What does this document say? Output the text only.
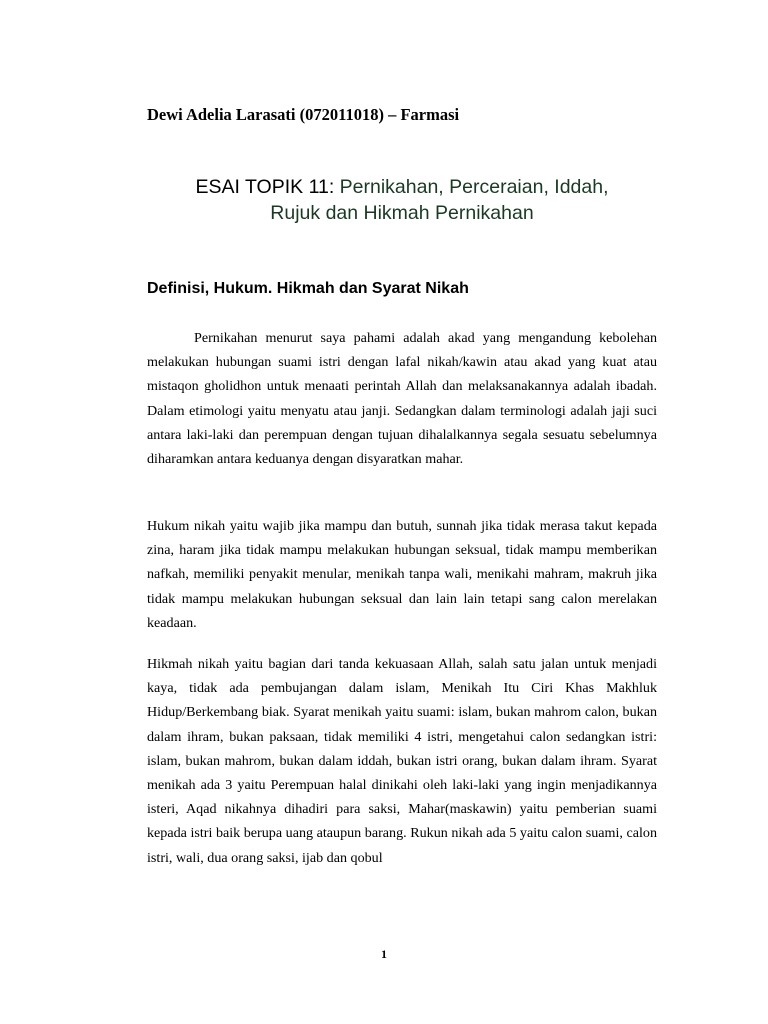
Dewi Adelia Larasati (072011018) – Farmasi
ESAI TOPIK 11: Pernikahan, Perceraian, Iddah,
Rujuk dan Hikmah Pernikahan
Definisi, Hukum. Hikmah dan Syarat Nikah

Pernikahan menurut saya pahami adalah akad yang mengandung kebolehan melakukan hubungan suami istri dengan lafal nikah/kawin atau akad yang kuat atau mistaqon gholidhon untuk menaati perintah Allah dan melaksanakannya adalah ibadah. Dalam etimologi yaitu menyatu atau janji. Sedangkan dalam terminologi adalah jaji suci antara laki-laki dan perempuan dengan tujuan dihalalkannya segala sesuatu sebelumnya diharamkan antara keduanya dengan disyaratkan mahar.

Hukum nikah yaitu wajib jika mampu dan butuh, sunnah jika tidak merasa takut kepada zina, haram jika tidak mampu melakukan hubungan seksual, tidak mampu memberikan nafkah, memiliki penyakit menular, menikah tanpa wali, menikahi mahram, makruh jika tidak mampu melakukan hubungan seksual dan lain lain tetapi sang calon merelakan keadaan.

Hikmah nikah yaitu bagian dari tanda kekuasaan Allah, salah satu jalan untuk menjadi kaya, tidak ada pembujangan dalam islam, Menikah Itu Ciri Khas Makhluk Hidup/Berkembang biak. Syarat menikah yaitu suami: islam, bukan mahrom calon, bukan dalam ihram, bukan paksaan, tidak memiliki 4 istri, mengetahui calon sedangkan istri: islam, bukan mahrom, bukan dalam iddah, bukan istri orang, bukan dalam ihram. Syarat menikah ada 3 yaitu Perempuan halal dinikahi oleh laki-laki yang ingin menjadikannya isteri, Aqad nikahnya dihadiri para saksi, Mahar(maskawin) yaitu pemberian suami kepada istri baik berupa uang ataupun barang. Rukun nikah ada 5 yaitu calon suami, calon istri, wali, dua orang saksi, ijab dan qobul

1
